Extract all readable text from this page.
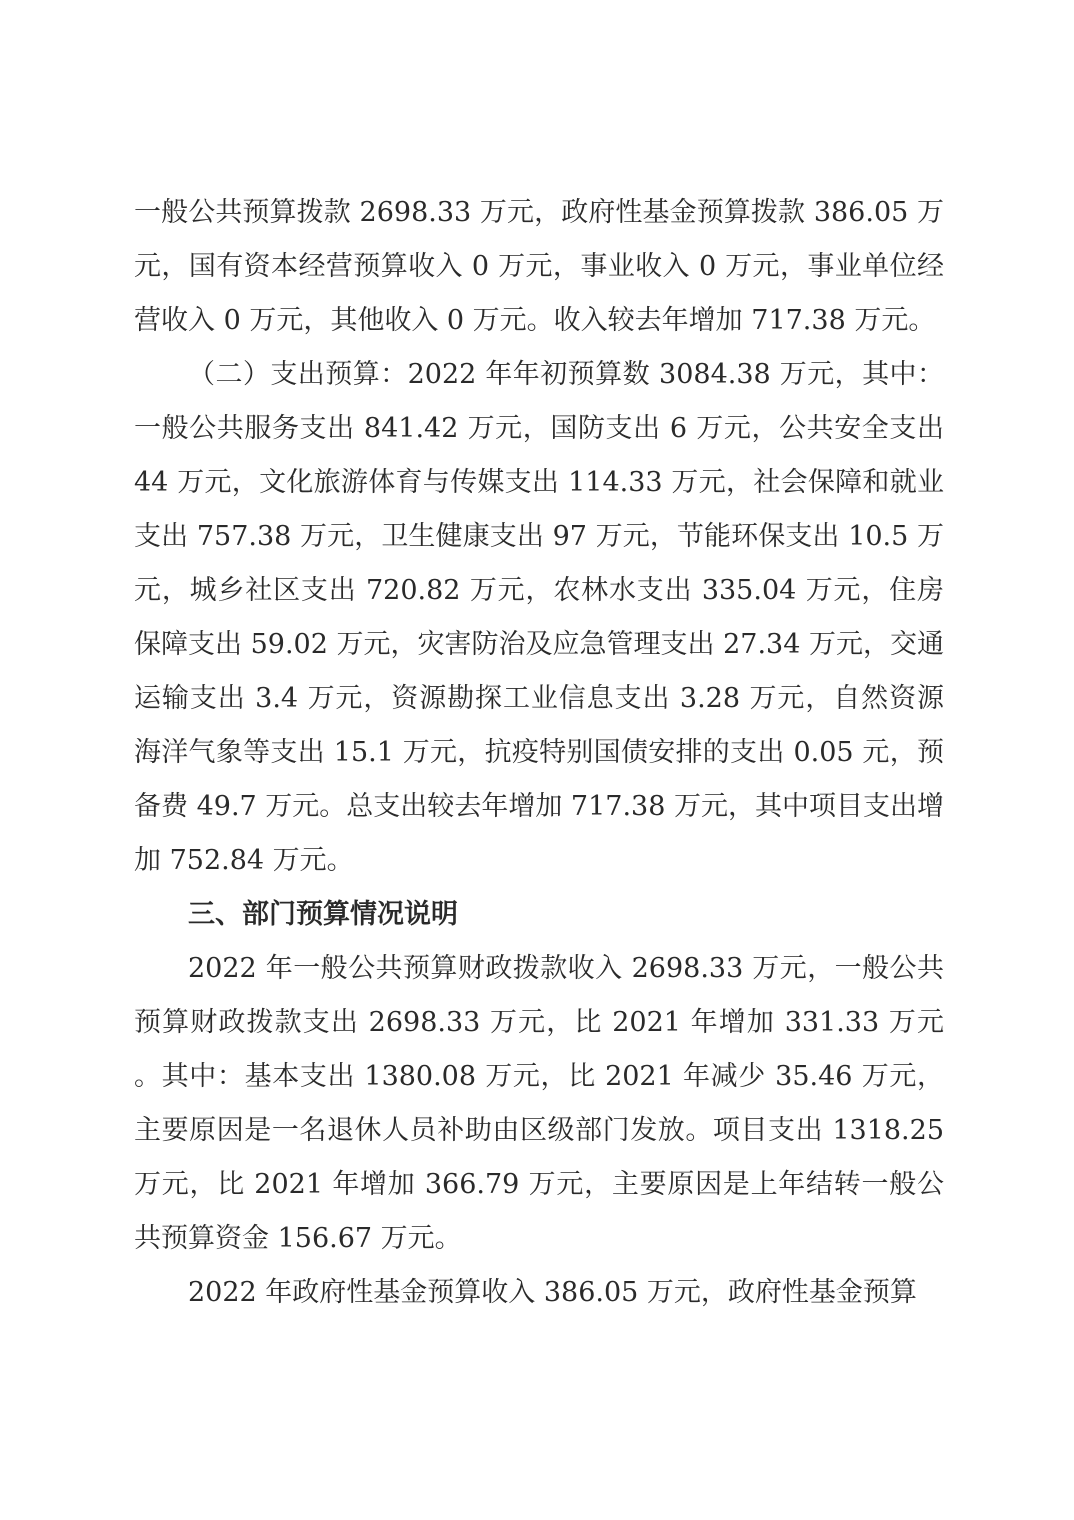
一般公共预算拨款 2698.33 万元，政府性基金预算拨款 386.05 万元，国有资本经营预算收入 0 万元，事业收入 0 万元，事业单位经营收入 0 万元，其他收入 0 万元。收入较去年增加 717.38 万元。

（二）支出预算：2022 年年初预算数 3084.38 万元，其中：一般公共服务支出 841.42 万元，国防支出 6 万元，公共安全支出 44 万元，文化旅游体育与传媒支出 114.33 万元，社会保障和就业支出 757.38 万元，卫生健康支出 97 万元，节能环保支出 10.5 万元，城乡社区支出 720.82 万元，农林水支出 335.04 万元，住房保障支出 59.02 万元，灾害防治及应急管理支出 27.34 万元，交通运输支出 3.4 万元，资源勘探工业信息支出 3.28 万元，自然资源海洋气象等支出 15.1 万元，抗疫特别国债安排的支出 0.05 元，预备费 49.7 万元。总支出较去年增加 717.38 万元，其中项目支出增加 752.84 万元。

三、部门预算情况说明

2022 年一般公共预算财政拨款收入 2698.33 万元，一般公共预算财政拨款支出 2698.33 万元，比 2021 年增加 331.33 万元。其中：基本支出 1380.08 万元，比 2021 年减少 35.46 万元，主要原因是一名退休人员补助由区级部门发放。项目支出 1318.25 万元，比 2021 年增加 366.79 万元，主要原因是上年结转一般公共预算资金 156.67 万元。

2022 年政府性基金预算收入 386.05 万元，政府性基金预算
